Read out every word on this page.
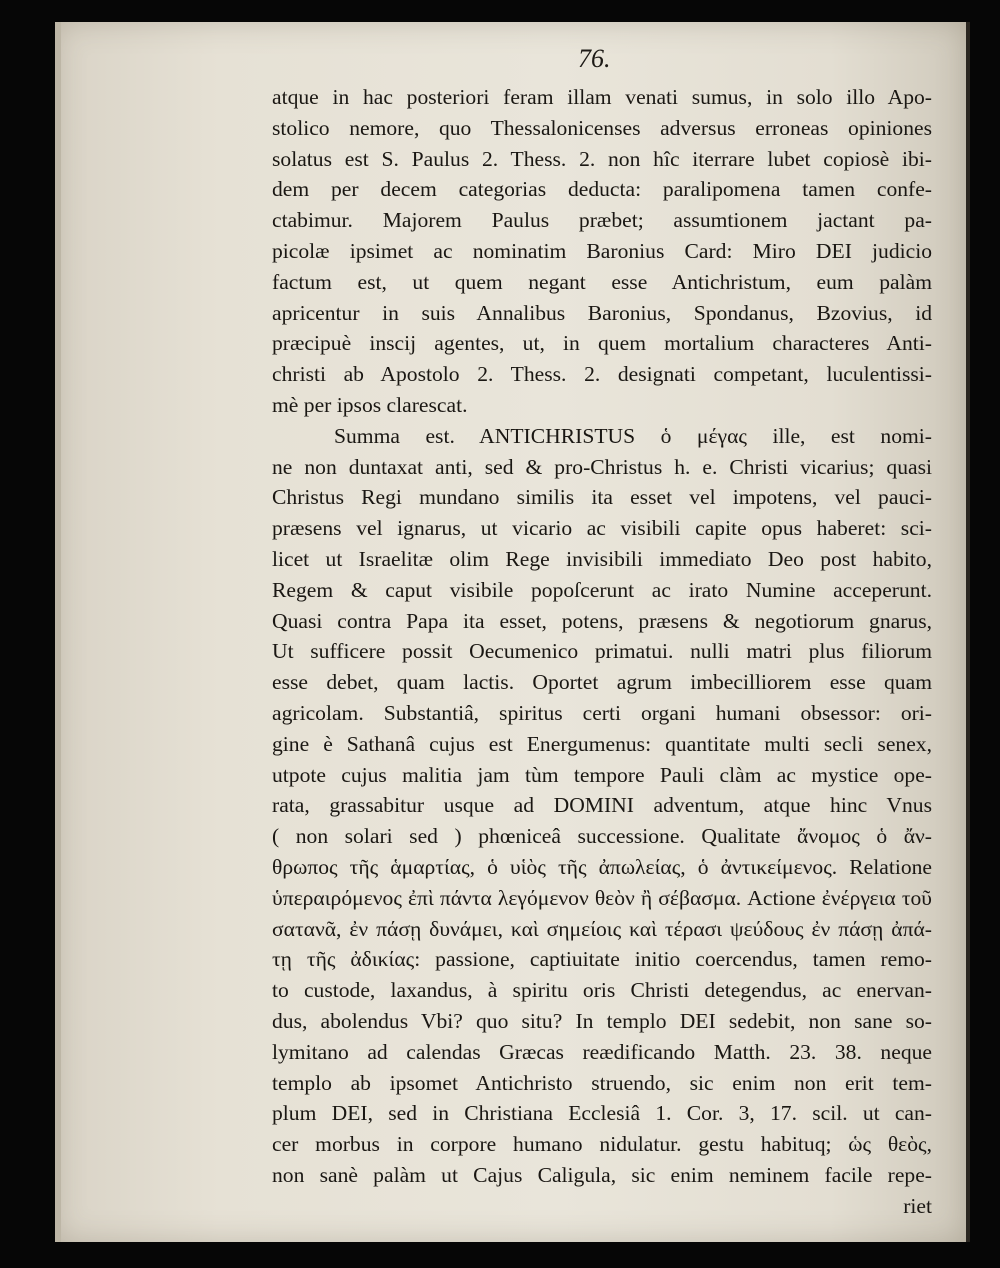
76.
atque in hac posteriori feram illam venati sumus, in solo illo Apo-
stolico nemore, quo Thessalonicenses adversus erroneas opiniones
solatus est S. Paulus 2. Thess. 2. non hîc iterrare lubet copiosè ibi-
dem per decem categorias deducta: paralipomena tamen confe-
ctabimur. Majorem Paulus præbet; assumtionem jactant pa-
picolæ ipsimet ac nominatim Baronius Card: Miro DEI judicio
factum est, ut quem negant esse Antichristum, eum palàm
apricentur in suis Annalibus Baronius, Spondanus, Bzovius, id
præcipuè inscij agentes, ut, in quem mortalium characteres Anti-
christi ab Apostolo 2. Thess. 2. designati competant, luculentissi-
mè per ipsos clarescat.
Summa est. ANTICHRISTUS ὁ μέγας ille, est nomi-
ne non duntaxat anti, sed & pro-Christus h. e. Christi vicarius; quasi
Christus Regi mundano similis ita esset vel impotens, vel pauci-
præsens vel ignarus, ut vicario ac visibili capite opus haberet: sci-
licet ut Israelitæ olim Rege invisibili immediato Deo post habito,
Regem & caput visibile popoſcerunt ac irato Numine acceperunt.
Quasi contra Papa ita esset, potens, præsens & negotiorum gnarus,
Ut sufficere possit Oecumenico primatui. nulli matri plus filiorum
esse debet, quam lactis. Oportet agrum imbecilliorem esse quam
agricolam. Substantiâ, spiritus certi organi humani obsessor: ori-
gine è Sathanâ cujus est Energumenus: quantitate multi secli senex,
utpote cujus malitia jam tùm tempore Pauli clàm ac mystice ope-
rata, grassabitur usque ad DOMINI adventum, atque hinc Vnus
( non solari sed ) phœniceâ successione. Qualitate ἄνομος ὁ ἄν-
θρωπος τῆς ἁμαρτίας, ὁ υἱὸς τῆς ἀπωλείας, ὁ ἀντικείμενος. Relatione
ὑπεραιρόμενος ἐπὶ πάντα λεγόμενον θεὸν ἢ σέβασμα. Actione ἐνέργεια τοῦ
σατανᾶ, ἐν πάσῃ δυνάμει, καὶ σημείοις καὶ τέρασι ψεύδους ἐν πάσῃ ἀπά-
τῃ τῆς ἀδικίας: passione, captiuitate initio coercendus, tamen remo-
to custode, laxandus, à spiritu oris Christi detegendus, ac enervan-
dus, abolendus Vbi? quo situ? In templo DEI sedebit, non sane so-
lymitano ad calendas Græcas reædificando Matth. 23. 38. neque
templo ab ipsomet Antichristo struendo, sic enim non erit tem-
plum DEI, sed in Christiana Ecclesiâ 1. Cor. 3, 17. scil. ut can-
cer morbus in corpore humano nidulatur. gestu habituq; ὡς θεὸς,
non sanè palàm ut Cajus Caligula, sic enim neminem facile repe-
riet
